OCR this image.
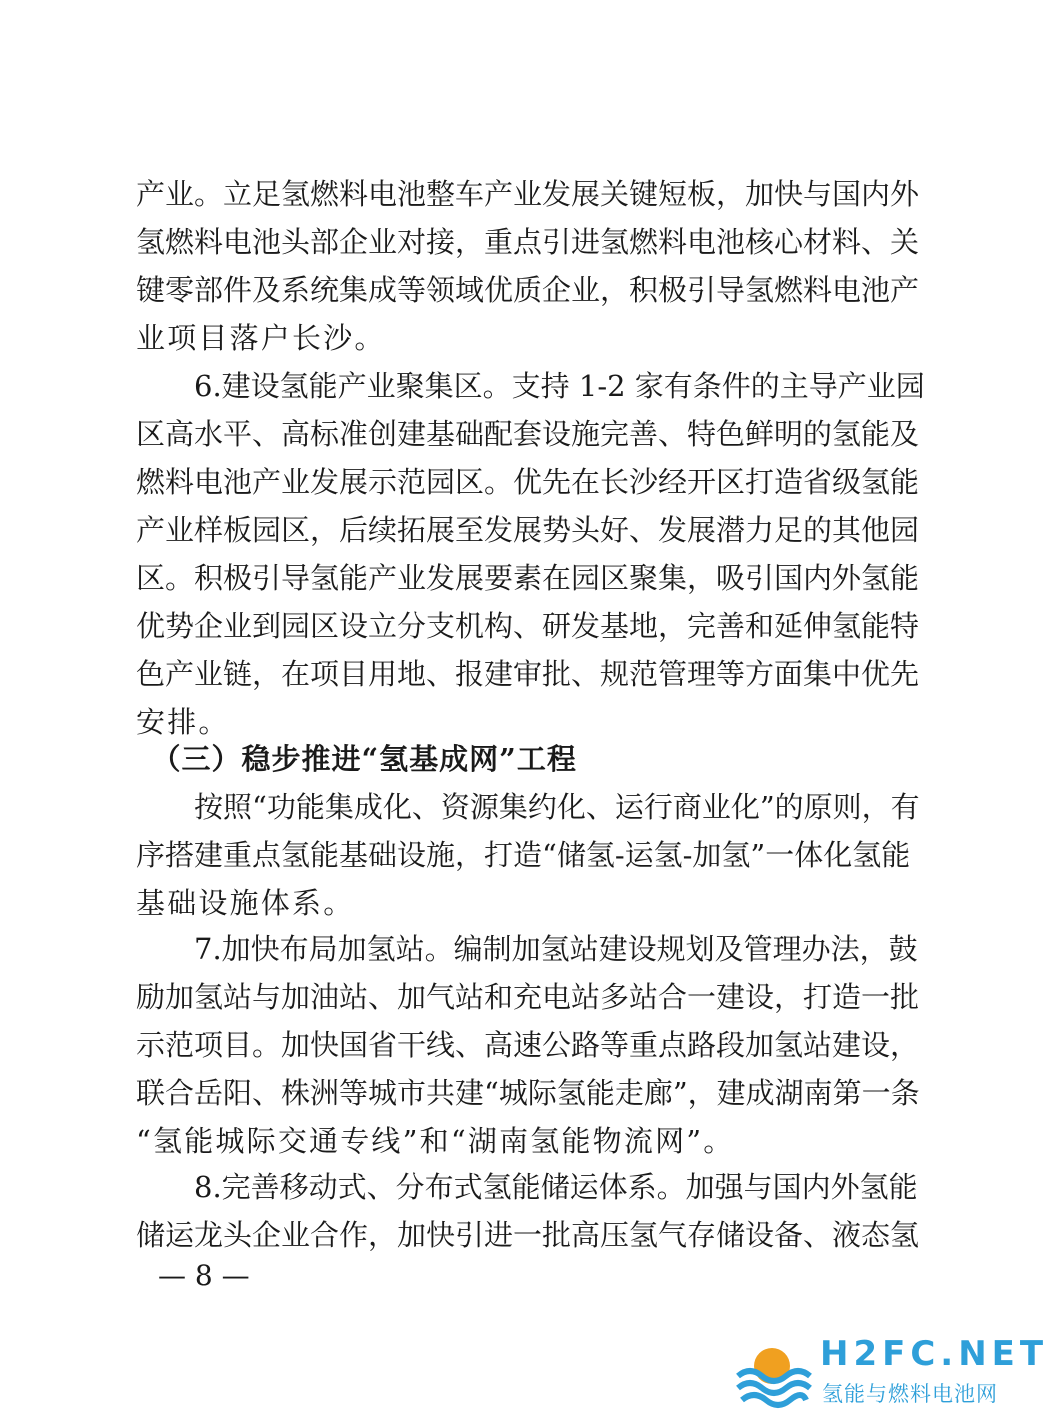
产业。立足氢燃料电池整车产业发展关键短板，加快与国内外
氢燃料电池头部企业对接，重点引进氢燃料电池核心材料、关
键零部件及系统集成等领域优质企业，积极引导氢燃料电池产
业项目落户长沙。
　　6.建设氢能产业聚集区。支持 1-2 家有条件的主导产业园
区高水平、高标准创建基础配套设施完善、特色鲜明的氢能及
燃料电池产业发展示范园区。优先在长沙经开区打造省级氢能
产业样板园区，后续拓展至发展势头好、发展潜力足的其他园
区。积极引导氢能产业发展要素在园区聚集，吸引国内外氢能
优势企业到园区设立分支机构、研发基地，完善和延伸氢能特
色产业链，在项目用地、报建审批、规范管理等方面集中优先
安排。
　（三）稳步推进“氢基成网”工程
　　按照“功能集成化、资源集约化、运行商业化”的原则，有
序搭建重点氢能基础设施，打造“储氢-运氢-加氢”一体化氢能
基础设施体系。
　　7.加快布局加氢站。编制加氢站建设规划及管理办法，鼓
励加氢站与加油站、加气站和充电站多站合一建设，打造一批
示范项目。加快国省干线、高速公路等重点路段加氢站建设，
联合岳阳、株洲等城市共建“城际氢能走廊”，建成湖南第一条
“氢能城际交通专线”和“湖南氢能物流网”。
　　8.完善移动式、分布式氢能储运体系。加强与国内外氢能
储运龙头企业合作，加快引进一批高压氢气存储设备、液态氢
— 8 —
H2FC.NET
氢能与燃料电池网
